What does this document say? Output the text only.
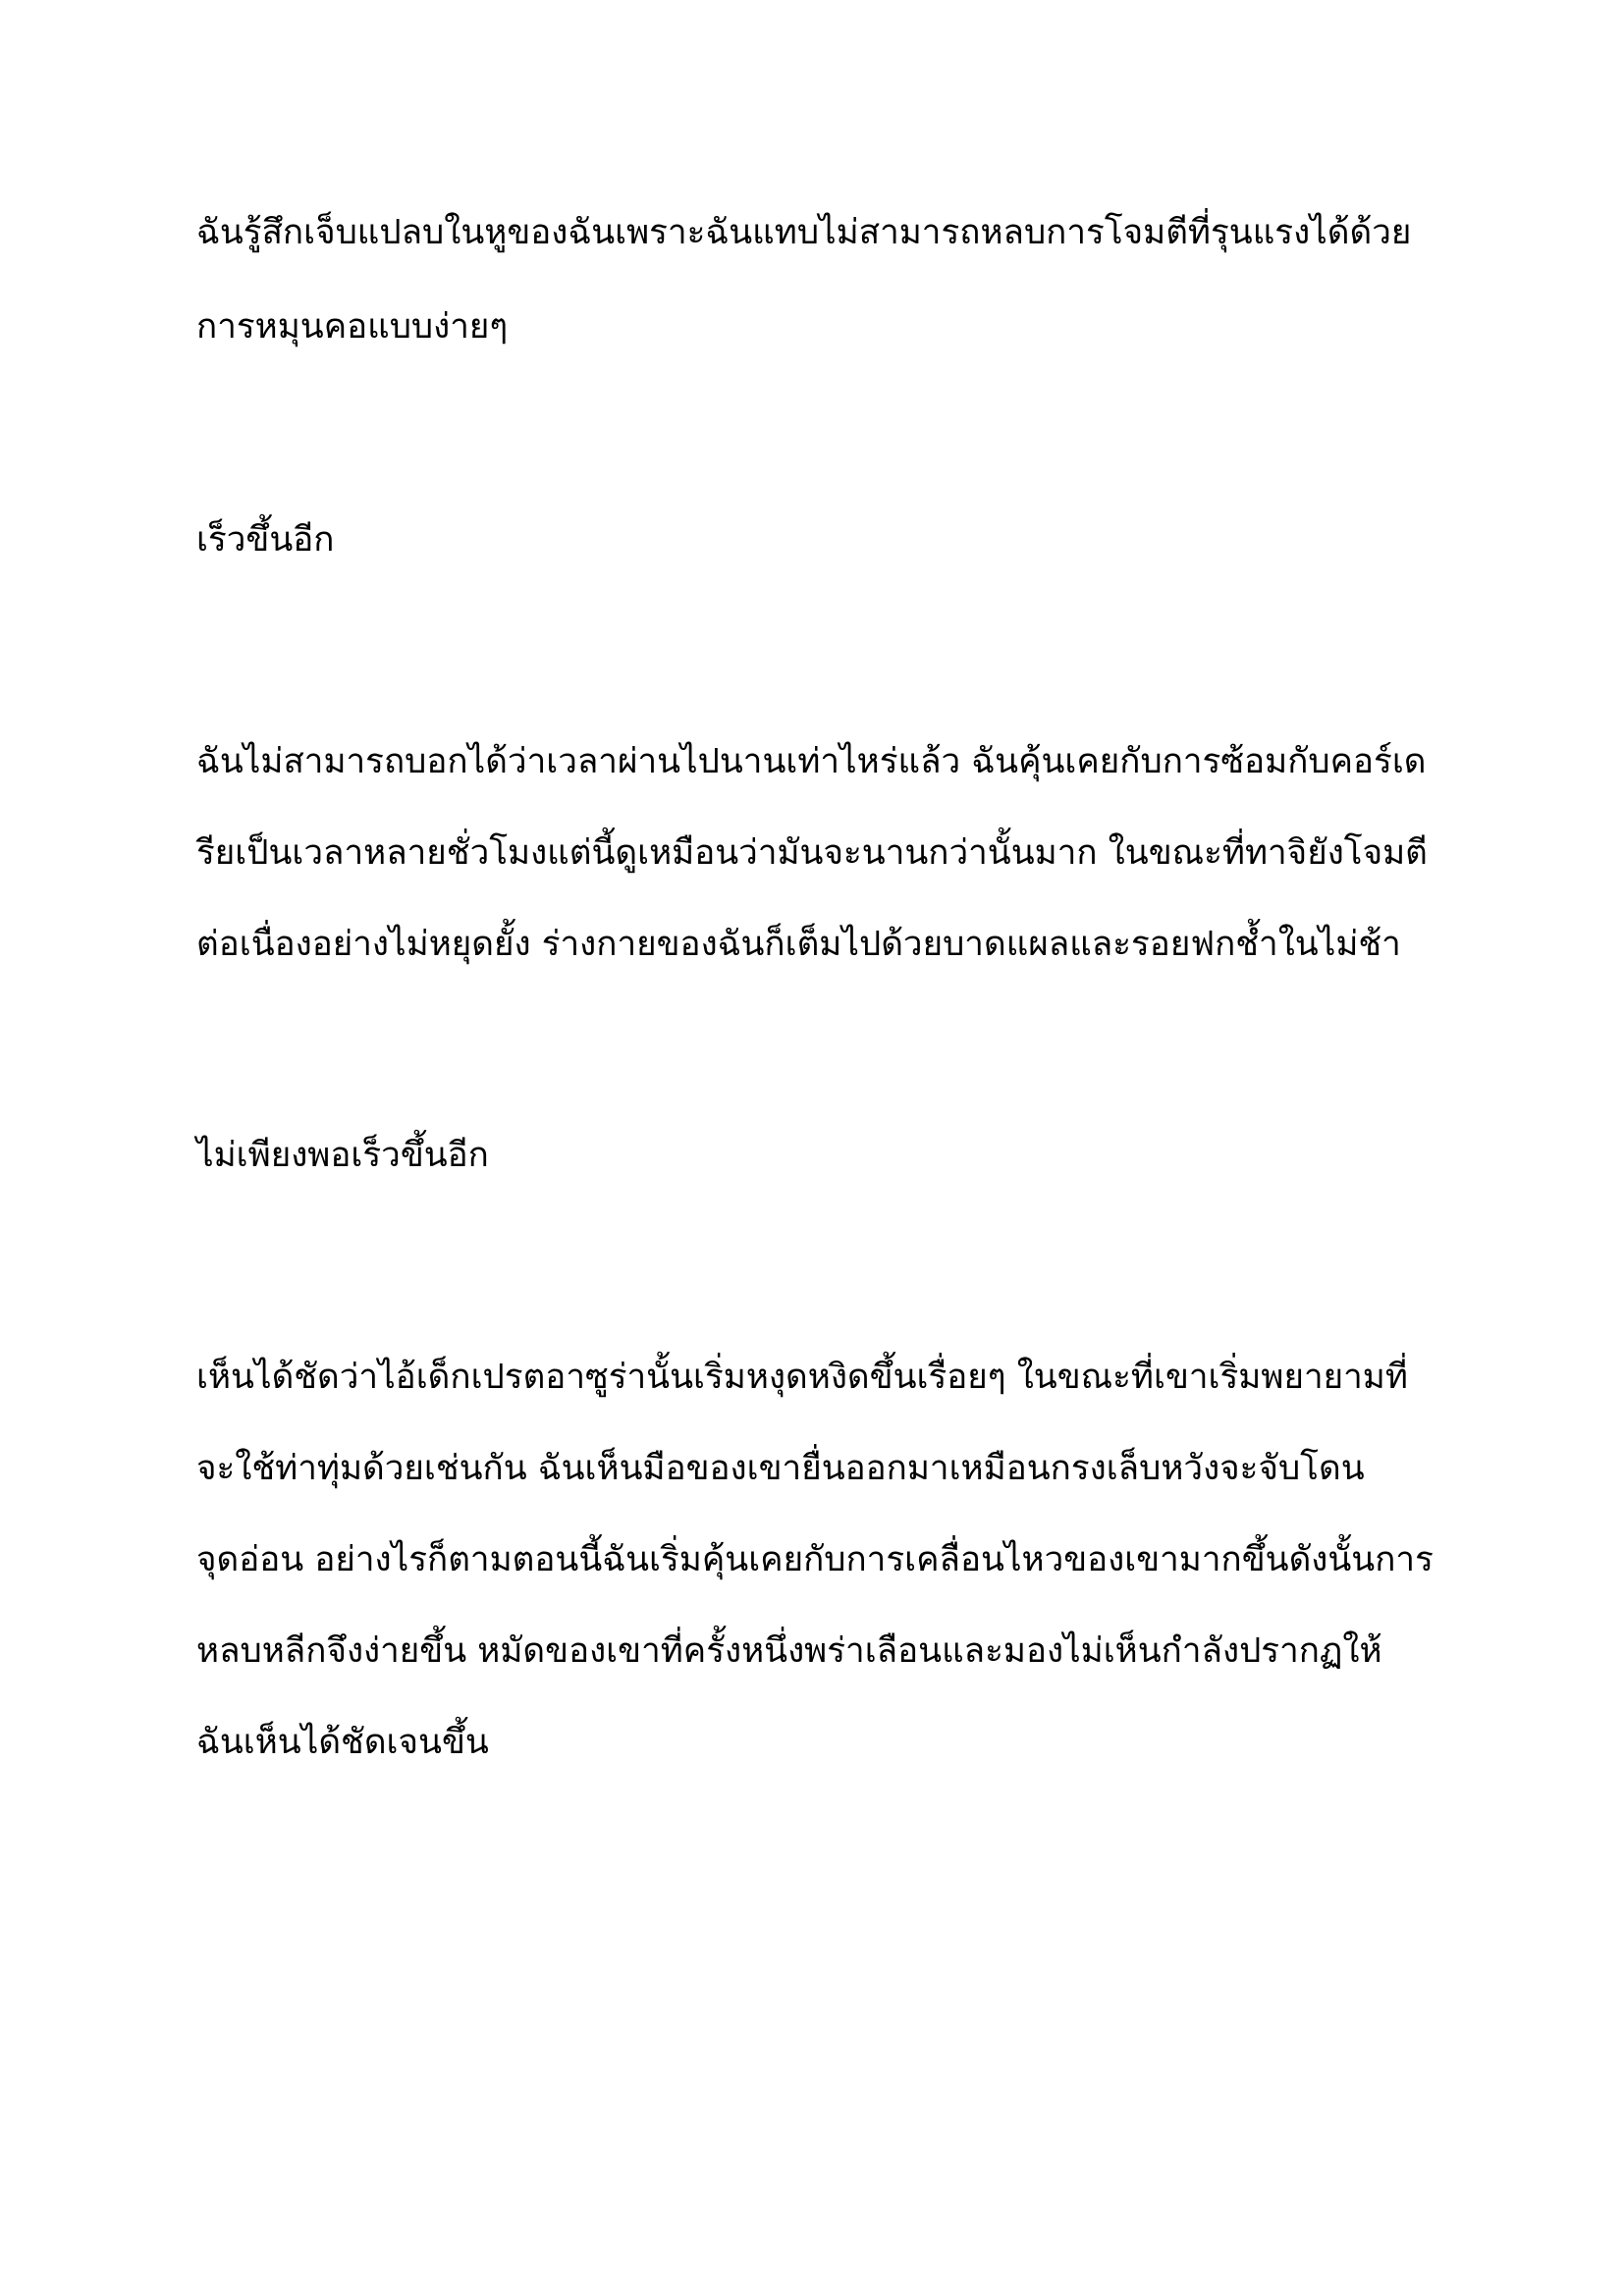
ฉันรู้สึกเจ็บแปลบในหูของฉันเพราะฉันแทบไม่สามารถหลบการโจมตีที่รุนแรงได้ด้วย

การหมุนคอแบบง่ายๆ

เร็วขึ้นอีก

ฉันไม่สามารถบอกได้ว่าเวลาผ่านไปนานเท่าไหร่แล้ว ฉันคุ้นเคยกับการซ้อมกับคอร์เด

รียเป็นเวลาหลายชั่วโมงแต่นี้ดูเหมือนว่ามันจะนานกว่านั้นมาก ในขณะที่ทาจิยังโจมตี

ต่อเนื่องอย่างไม่หยุดยั้ง ร่างกายของฉันก็เต็มไปด้วยบาดแผลและรอยฟกช้ำในไม่ช้า

ไม่เพียงพอเร็วขึ้นอีก

เห็นได้ชัดว่าไอ้เด็กเปรตอาซูร่านั้นเริ่มหงุดหงิดขึ้นเรื่อยๆ ในขณะที่เขาเริ่มพยายามที่

จะใช้ท่าทุ่มด้วยเช่นกัน ฉันเห็นมือของเขายื่นออกมาเหมือนกรงเล็บหวังจะจับโดน

จุดอ่อน อย่างไรก็ตามตอนนี้ฉันเริ่มคุ้นเคยกับการเคลื่อนไหวของเขามากขึ้นดังนั้นการ

หลบหลีกจึงง่ายขึ้น หมัดของเขาที่ครั้งหนึ่งพร่าเลือนและมองไม่เห็นกำลังปรากฏให้

ฉันเห็นได้ชัดเจนขึ้น
